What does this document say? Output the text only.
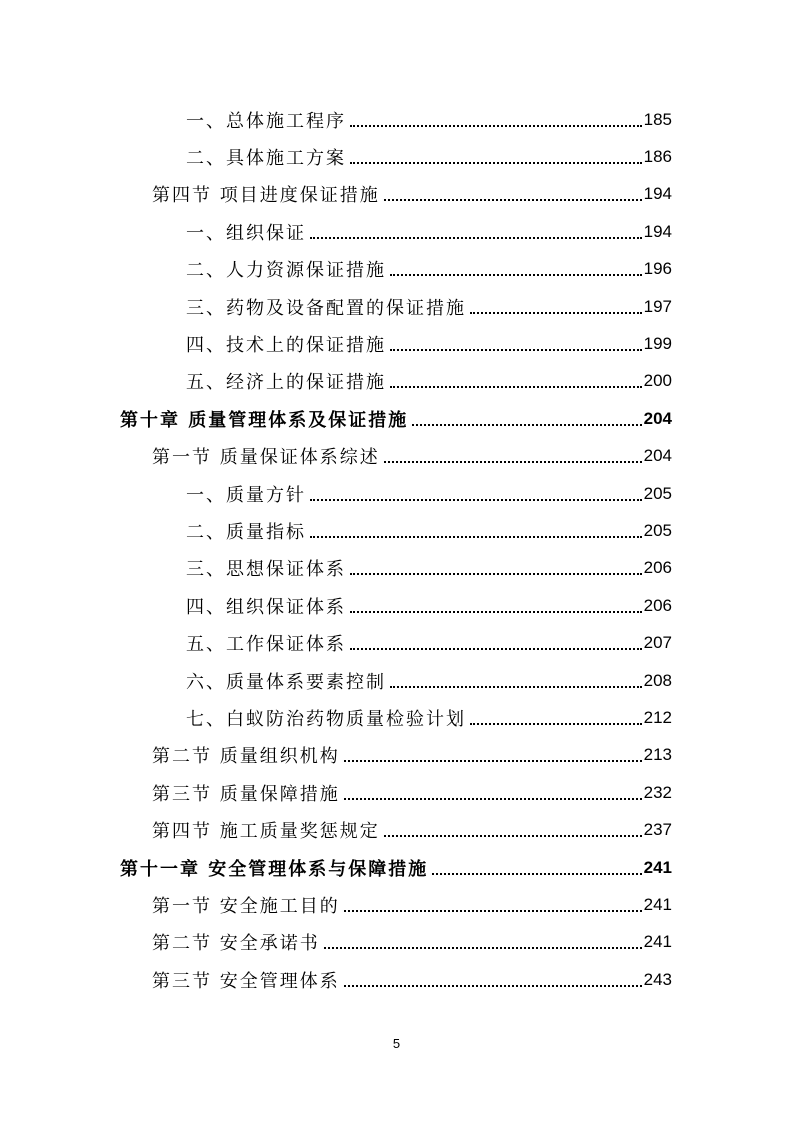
一、总体施工程序	185
二、具体施工方案	186
第四节 项目进度保证措施	194
一、组织保证	194
二、人力资源保证措施	196
三、药物及设备配置的保证措施	197
四、技术上的保证措施	199
五、经济上的保证措施	200
第十章 质量管理体系及保证措施	204
第一节 质量保证体系综述	204
一、质量方针	205
二、质量指标	205
三、思想保证体系	206
四、组织保证体系	206
五、工作保证体系	207
六、质量体系要素控制	208
七、白蚁防治药物质量检验计划	212
第二节 质量组织机构	213
第三节 质量保障措施	232
第四节 施工质量奖惩规定	237
第十一章 安全管理体系与保障措施	241
第一节 安全施工目的	241
第二节 安全承诺书	241
第三节 安全管理体系	243
5
